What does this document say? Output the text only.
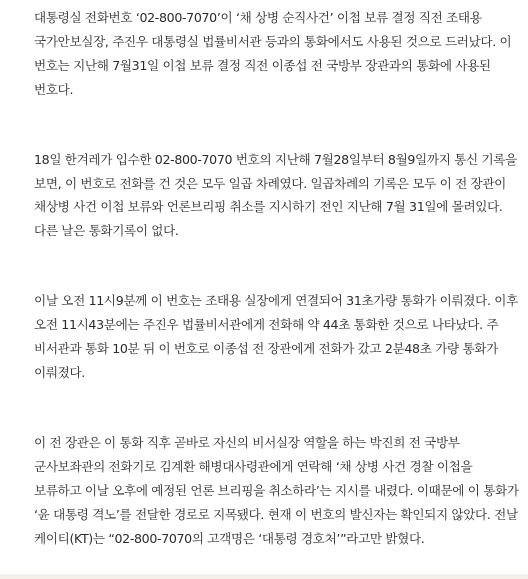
대통령실 전화번호 ‘02-800-7070’이 ‘채 상병 순직사건’ 이첩 보류 결정 직전 조태용 국가안보실장, 주진우 대통령실 법률비서관 등과의 통화에서도 사용된 것으로 드러났다. 이 번호는 지난해 7월31일 이첩 보류 결정 직전 이종섭 전 국방부 장관과의 통화에 사용된 번호다.

18일 한겨레가 입수한 02-800-7070 번호의 지난해 7월28일부터 8월9일까지 통신 기록을 보면, 이 번호로 전화를 건 것은 모두 일곱 차례였다. 일곱차례의 기록은 모두 이 전 장관이 채상병 사건 이첩 보류와 언론브리핑 취소를 지시하기 전인 지난해 7월 31일에 몰려있다. 다른 날은 통화기록이 없다.

이날 오전 11시9분께 이 번호는 조태용 실장에게 연결되어 31초가량 통화가 이뤄졌다. 이후 오전 11시43분에는 주진우 법률비서관에게 전화해 약 44초 통화한 것으로 나타났다. 주 비서관과 통화 10분 뒤 이 번호로 이종섭 전 장관에게 전화가 갔고 2분48초 가량 통화가 이뤄졌다.

이 전 장관은 이 통화 직후 곧바로 자신의 비서실장 역할을 하는 박진희 전 국방부 군사보좌관의 전화기로 김계환 해병대사령관에게 연락해 ‘채 상병 사건 경찰 이첩을 보류하고 이날 오후에 예정된 언론 브리핑을 취소하라’는 지시를 내렸다. 이때문에 이 통화가 ‘윤 대통령 격노’를 전달한 경로로 지목됐다. 현재 이 번호의 발신자는 확인되지 않았다. 전날 케이티(KT)는 “02-800-7070의 고객명은 ‘대통령 경호처’”라고만 밝혔다.
